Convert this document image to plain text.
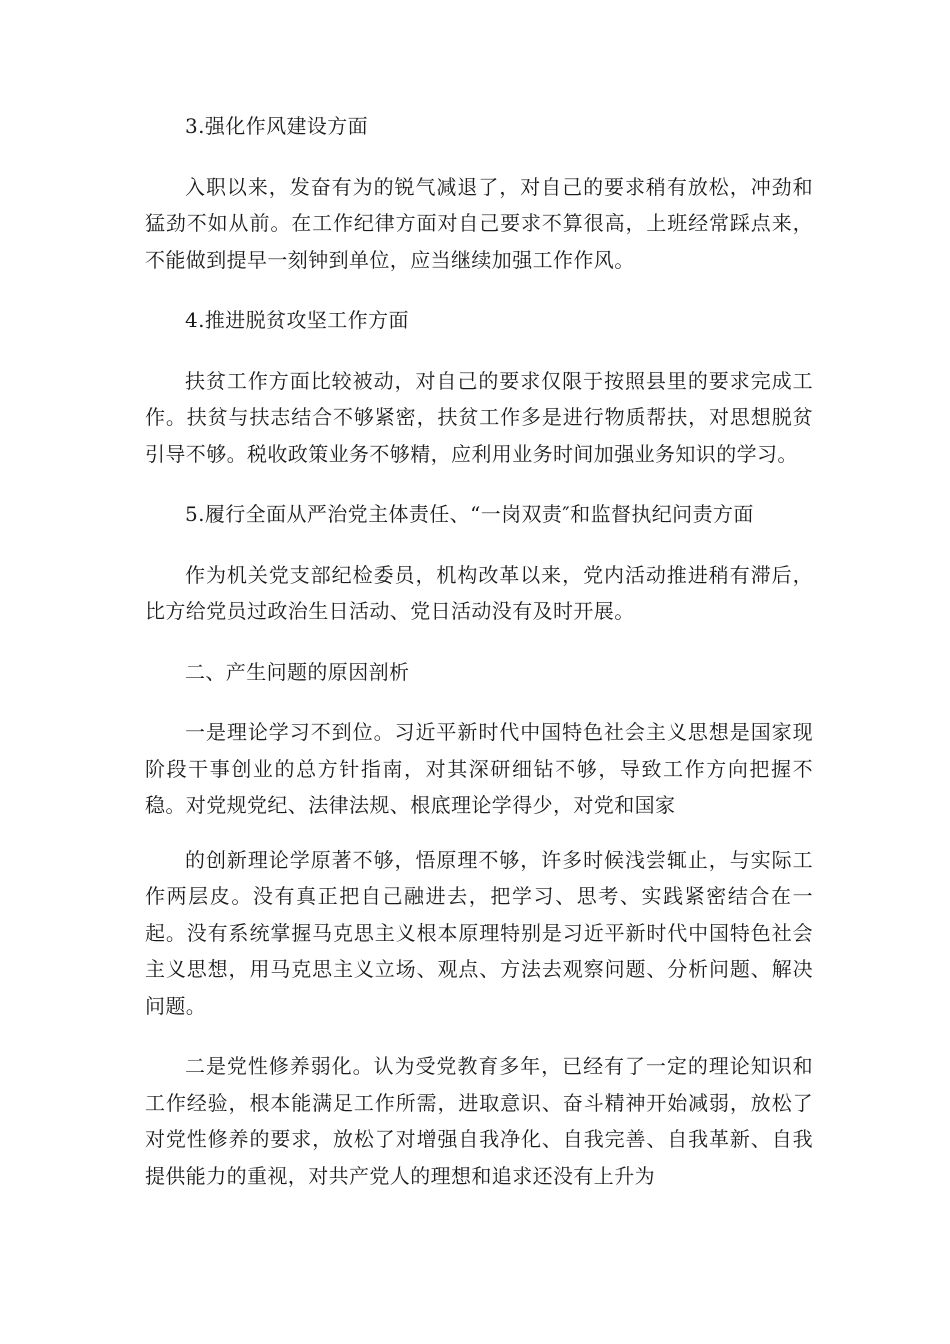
3.强化作风建设方面

入职以来，发奋有为的锐气减退了，对自己的要求稍有放松，冲劲和猛劲不如从前。在工作纪律方面对自己要求不算很高，上班经常踩点来，不能做到提早一刻钟到单位，应当继续加强工作作风。

4.推进脱贫攻坚工作方面

扶贫工作方面比较被动，对自己的要求仅限于按照县里的要求完成工作。扶贫与扶志结合不够紧密，扶贫工作多是进行物质帮扶，对思想脱贫引导不够。税收政策业务不够精，应利用业务时间加强业务知识的学习。

5.履行全面从严治党主体责任、“一岗双责″和监督执纪问责方面

作为机关党支部纪检委员，机构改革以来，党内活动推进稍有滞后，比方给党员过政治生日活动、党日活动没有及时开展。

二、产生问题的原因剖析

一是理论学习不到位。习近平新时代中国特色社会主义思想是国家现阶段干事创业的总方针指南，对其深研细钻不够，导致工作方向把握不稳。对党规党纪、法律法规、根底理论学得少，对党和国家

的创新理论学原著不够，悟原理不够，许多时候浅尝辄止，与实际工作两层皮。没有真正把自己融进去，把学习、思考、实践紧密结合在一起。没有系统掌握马克思主义根本原理特别是习近平新时代中国特色社会主义思想，用马克思主义立场、观点、方法去观察问题、分析问题、解决问题。

二是党性修养弱化。认为受党教育多年，已经有了一定的理论知识和工作经验，根本能满足工作所需，进取意识、奋斗精神开始减弱，放松了对党性修养的要求，放松了对增强自我净化、自我完善、自我革新、自我提供能力的重视，对共产党人的理想和追求还没有上升为
